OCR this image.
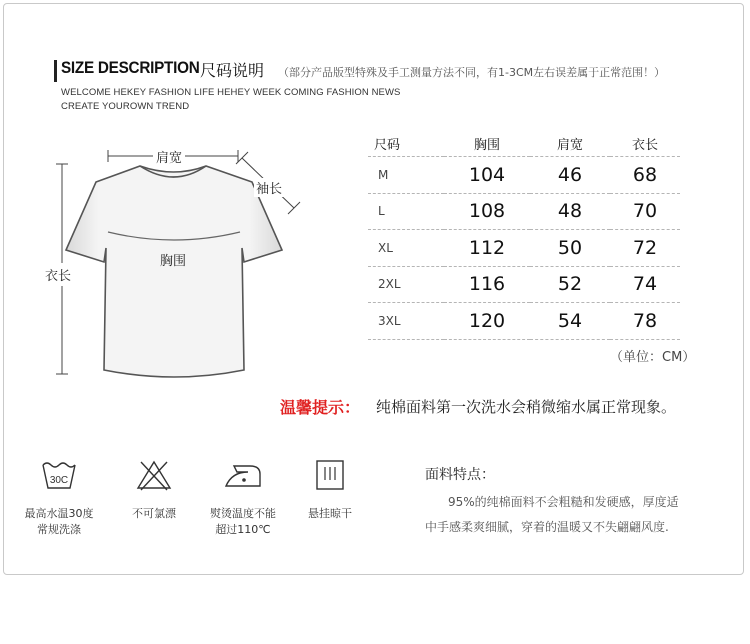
SIZE DESCRIPTION 尺码说明 （部分产品版型特殊及手工测量方法不同，有1-3CM左右误差属于正常范围！）
WELCOME HEKEY FASHION LIFE HEHEY WEEK COMING FASHION NEWS
CREATE YOUROWN TREND
肩宽
袖长
胸围
衣长
尺码	胸围	肩宽	衣长
M	104	46	68
L	108	48	70
XL	112	50	72
2XL	116	52	74
3XL	120	54	78
（单位：CM）
温馨提示： 纯棉面料第一次洗水会稍微缩水属正常现象。
30C
最高水温30度
常规洗涤
不可氯漂	熨烫温度不能
超过110℃
悬挂晾干
面料特点：
95%的纯棉面料不会粗糙和发硬感，厚度适
中手感柔爽细腻，穿着的温暖又不失翩翩风度.
